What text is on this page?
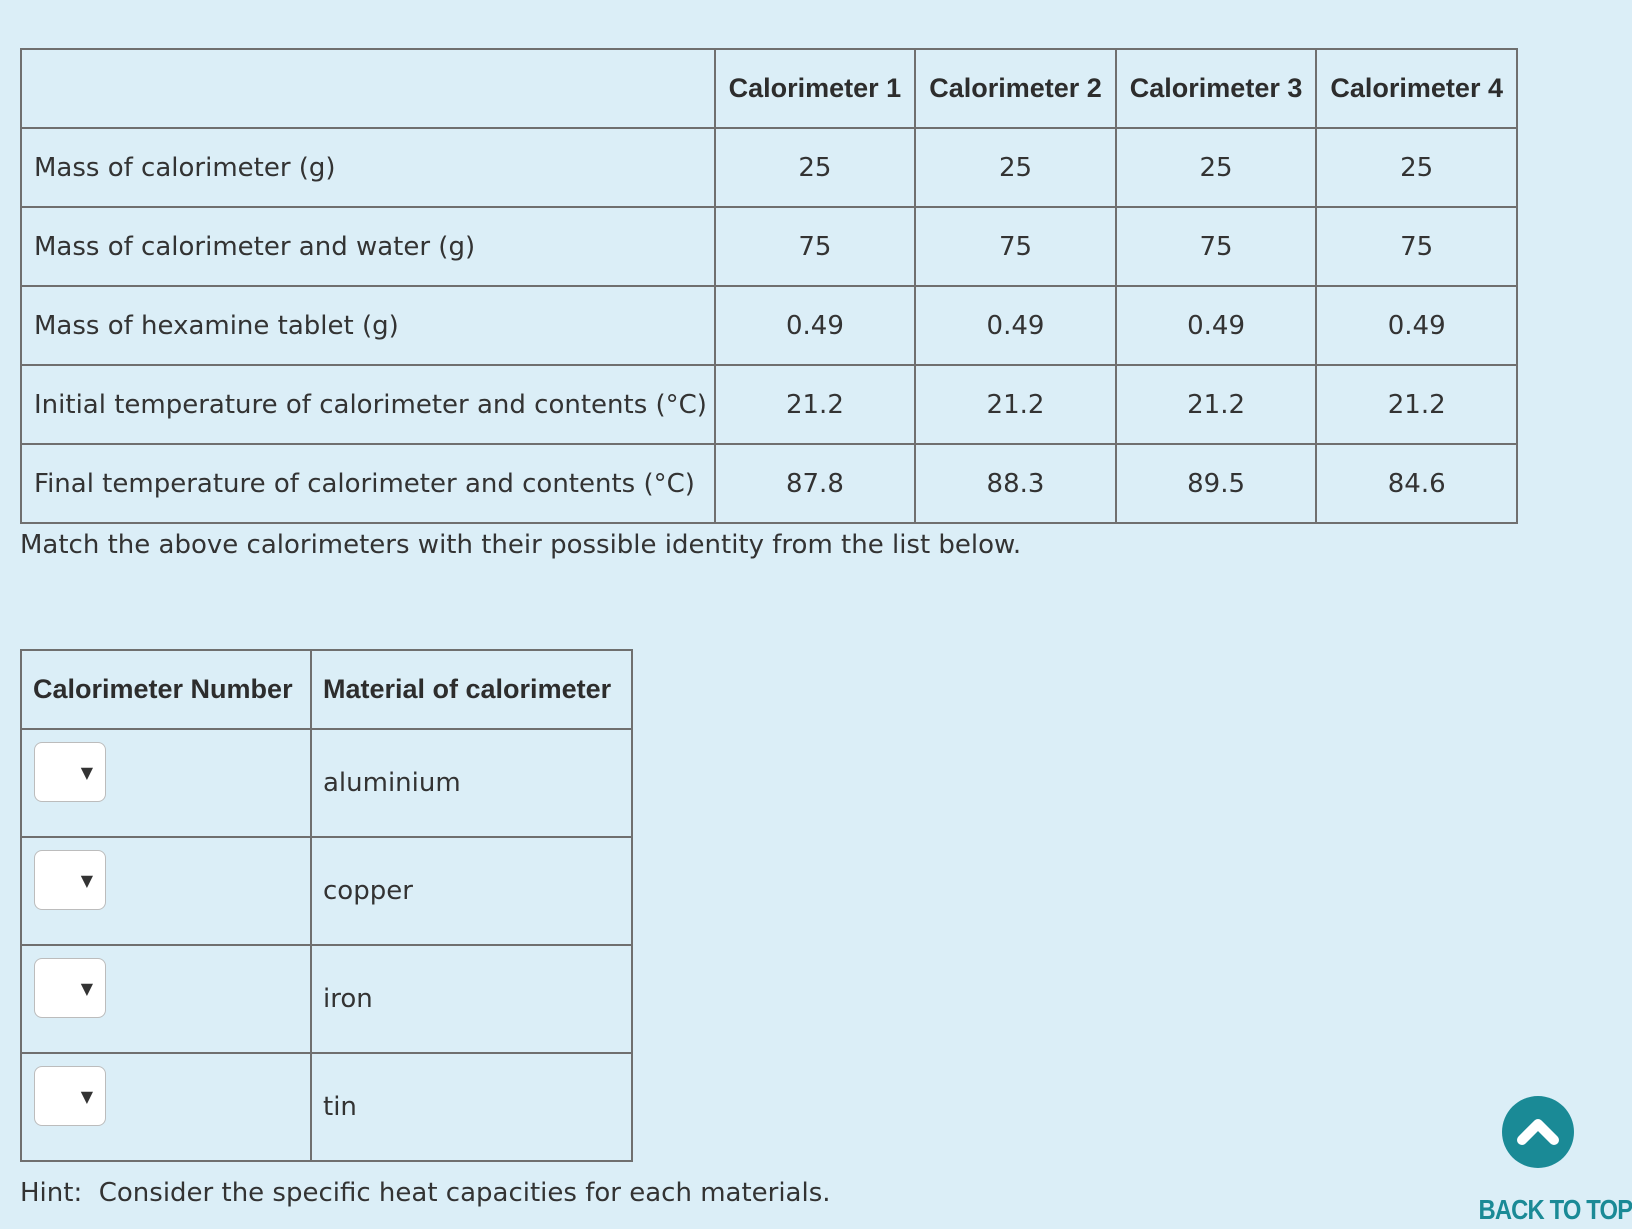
	Calorimeter 1	Calorimeter 2	Calorimeter 3	Calorimeter 4
Mass of calorimeter (g)	25	25	25	25
Mass of calorimeter and water (g)	75	75	75	75
Mass of hexamine tablet (g)	0.49	0.49	0.49	0.49
Initial temperature of calorimeter and contents (°C)	21.2	21.2	21.2	21.2
Final temperature of calorimeter and contents (°C)	87.8	88.3	89.5	84.6

Match the above calorimeters with their possible identity from the list below.

Calorimeter Number	Material of calorimeter

▼	aluminium

▼	copper

▼	iron

▼	tin

Hint:  Consider the specific heat capacities for each materials.

BACK TO TOP
